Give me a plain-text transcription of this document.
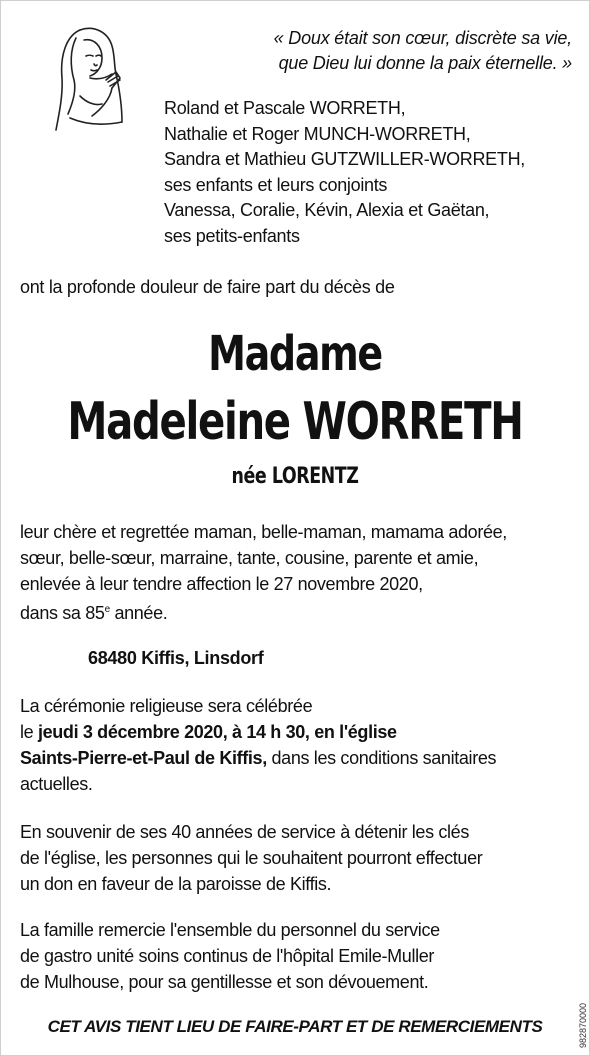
« Doux était son cœur, discrète sa vie,
que Dieu lui donne la paix éternelle. »
Roland et Pascale WORRETH,
Nathalie et Roger MUNCH-WORRETH,
Sandra et Mathieu GUTZWILLER-WORRETH,
ses enfants et leurs conjoints
Vanessa, Coralie, Kévin, Alexia et Gaëtan,
ses petits-enfants
ont la profonde douleur de faire part du décès de
Madame
Madeleine WORRETH
née LORENTZ
leur chère et regrettée maman, belle-maman, mamama adorée,
sœur, belle-sœur, marraine, tante, cousine, parente et amie,
enlevée à leur tendre affection le 27 novembre 2020,
dans sa 85e année.
68480 Kiffis, Linsdorf
La cérémonie religieuse sera célébrée
le jeudi 3 décembre 2020, à 14 h 30, en l'église
Saints-Pierre-et-Paul de Kiffis, dans les conditions sanitaires
actuelles.
En souvenir de ses 40 années de service à détenir les clés
de l'église, les personnes qui le souhaitent pourront effectuer
un don en faveur de la paroisse de Kiffis.
La famille remercie l'ensemble du personnel du service
de gastro unité soins continus de l'hôpital Emile-Muller
de Mulhouse, pour sa gentillesse et son dévouement.
CET AVIS TIENT LIEU DE FAIRE-PART ET DE REMERCIEMENTS	982870000
